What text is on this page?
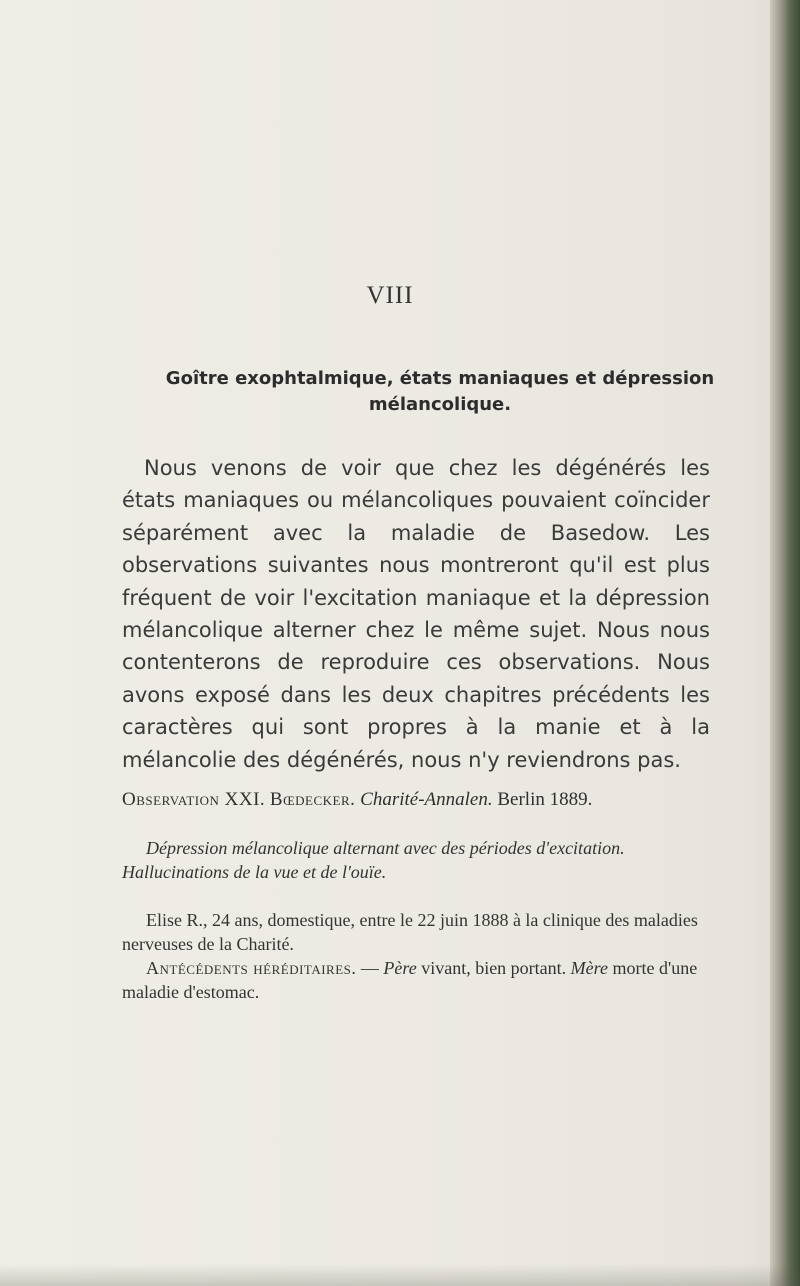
VIII
Goître exophtalmique, états maniaques et dépression
mélancolique.
Nous venons de voir que chez les dégénérés les états maniaques ou mélancoliques pouvaient coïncider séparément avec la maladie de Basedow. Les observations suivantes nous montreront qu'il est plus fréquent de voir l'excitation maniaque et la dépression mélancolique alterner chez le même sujet. Nous nous contenterons de reproduire ces observations. Nous avons exposé dans les deux chapitres précédents les caractères qui sont propres à la manie et à la mélancolie des dégénérés, nous n'y reviendrons pas.
Observation XXI. Bœdecker. Charité-Annalen. Berlin 1889.
Dépression mélancolique alternant avec des périodes d'excitation. Hallucinations de la vue et de l'ouïe.

Elise R., 24 ans, domestique, entre le 22 juin 1888 à la clinique des maladies nerveuses de la Charité.

Antécédents héréditaires. — Père vivant, bien portant. Mère morte d'une maladie d'estomac.
